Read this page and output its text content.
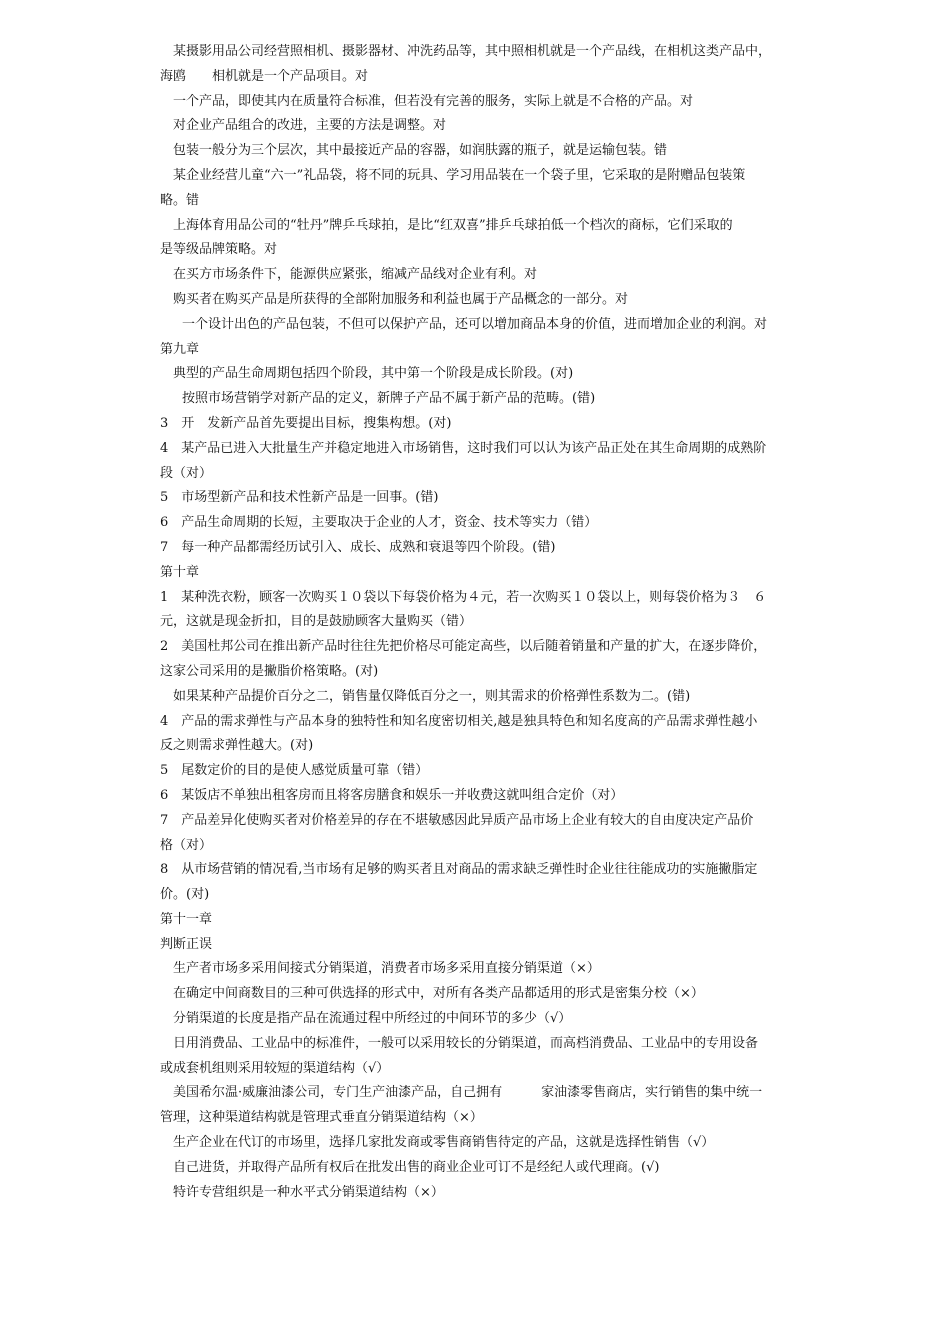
某摄影用品公司经营照相机、摄影器材、冲洗药品等，其中照相机就是一个产品线，在相机这类产品中，
海鸥　　相机就是一个产品项目。对
一个产品，即使其内在质量符合标准，但若没有完善的服务，实际上就是不合格的产品。对
对企业产品组合的改进，主要的方法是调整。对
包装一般分为三个层次，其中最接近产品的容器，如润肤露的瓶子，就是运输包装。错
某企业经营儿童“六一”礼品袋，将不同的玩具、学习用品装在一个袋子里，它采取的是附赠品包装策
略。错
上海体育用品公司的“牡丹”牌乒乓球拍，是比“红双喜”排乒乓球拍低一个档次的商标，它们采取的
是等级品牌策略。对
在买方市场条件下，能源供应紧张，缩减产品线对企业有利。对
购买者在购买产品是所获得的全部附加服务和利益也属于产品概念的一部分。对
一个设计出色的产品包装，不但可以保护产品，还可以增加商品本身的价值，进而增加企业的利润。对
第九章
典型的产品生命周期包括四个阶段，其中第一个阶段是成长阶段。(对)
按照市场营销学对新产品的定义，新牌子产品不属于新产品的范畴。(错)
3　开　发新产品首先要提出目标，搜集构想。(对)
4　某产品已进入大批量生产并稳定地进入市场销售，这时我们可以认为该产品正处在其生命周期的成熟阶
段（对）
5　市场型新产品和技术性新产品是一回事。(错)
6　产品生命周期的长短，主要取决于企业的人才，资金、技术等实力（错）
7　每一种产品都需经历试引入、成长、成熟和衰退等四个阶段。(错)
第十章
1　某种洗衣粉，顾客一次购买１０袋以下每袋价格为４元，若一次购买１０袋以上，则每袋价格为３　６
元，这就是现金折扣，目的是鼓励顾客大量购买（错）
2　美国杜邦公司在推出新产品时往往先把价格尽可能定高些，以后随着销量和产量的扩大，在逐步降价，
这家公司采用的是撇脂价格策略。(对)
如果某种产品提价百分之二，销售量仅降低百分之一，则其需求的价格弹性系数为二。(错)
4　产品的需求弹性与产品本身的独特性和知名度密切相关,越是独具特色和知名度高的产品需求弹性越小
反之则需求弹性越大。(对)
5　尾数定价的目的是使人感觉质量可靠（错）
6　某饭店不单独出租客房而且将客房膳食和娱乐一并收费这就叫组合定价（对）
7　产品差异化使购买者对价格差异的存在不堪敏感因此异质产品市场上企业有较大的自由度决定产品价
格（对）
8　从市场营销的情况看,当市场有足够的购买者且对商品的需求缺乏弹性时企业往往能成功的实施撇脂定
价。(对)
第十一章
判断正误
生产者市场多采用间接式分销渠道，消费者市场多采用直接分销渠道（×）
在确定中间商数目的三种可供选择的形式中，对所有各类产品都适用的形式是密集分校（×）
分销渠道的长度是指产品在流通过程中所经过的中间环节的多少（√）
日用消费品、工业品中的标准件，一般可以采用较长的分销渠道，而高档消费品、工业品中的专用设备
或成套机组则采用较短的渠道结构（√）
美国希尔温·威廉油漆公司，专门生产油漆产品，自己拥有　　　家油漆零售商店，实行销售的集中统一
管理，这种渠道结构就是管理式垂直分销渠道结构（×）
生产企业在代订的市场里，选择几家批发商或零售商销售待定的产品，这就是选择性销售（√）
自己进货，并取得产品所有权后在批发出售的商业企业可订不是经纪人或代理商。(√)
特许专营组织是一种水平式分销渠道结构（×）
